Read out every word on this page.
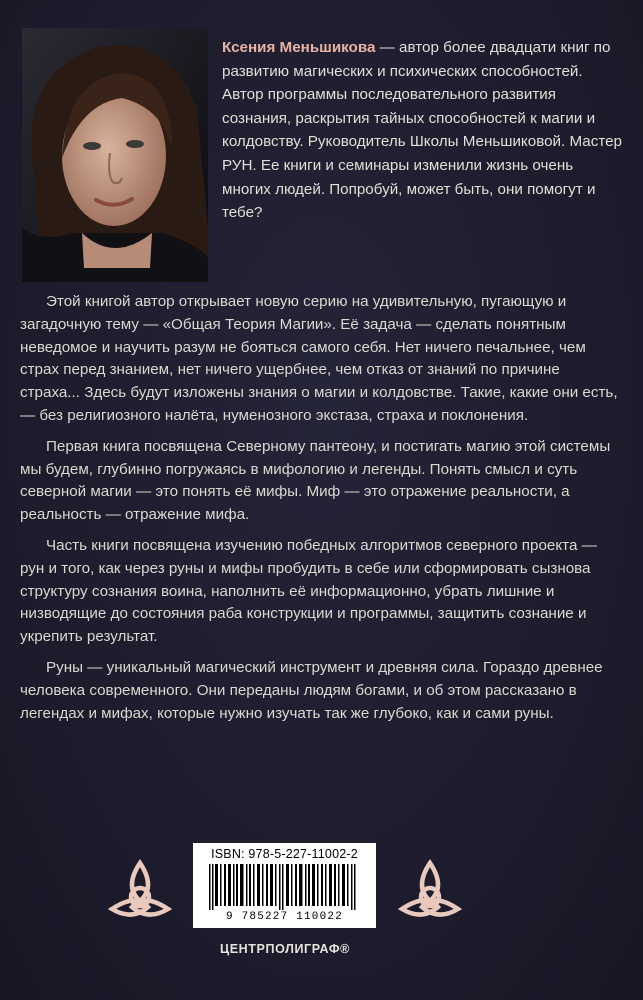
Ксения Меньшикова — автор более двадцати книг по развитию магических и психических способностей. Автор программы последовательного развития сознания, раскрытия тайных способностей к магии и колдовству. Руководитель Школы Меньшиковой. Мастер РУН. Ее книги и семинары изменили жизнь очень многих людей. Попробуй, может быть, они помогут и тебе?

Этой книгой автор открывает новую серию на удивительную, пугающую и загадочную тему — «Общая Теория Магии». Её задача — сделать понятным неведомое и научить разум не бояться самого себя. Нет ничего печальнее, чем страх перед знанием, нет ничего ущербнее, чем отказ от знаний по причине страха... Здесь будут изложены знания о магии и колдовстве. Такие, какие они есть, — без религиозного налёта, нуменозного экстаза, страха и поклонения.

Первая книга посвящена Северному пантеону, и постигать магию этой системы мы будем, глубинно погружаясь в мифологию и легенды. Понять смысл и суть северной магии — это понять её мифы. Миф — это отражение реальности, а реальность — отражение мифа.

Часть книги посвящена изучению победных алгоритмов северного проекта — рун и того, как через руны и мифы пробудить в себе или сформировать сызнова структуру сознания воина, наполнить её информационно, убрать лишние и низводящие до состояния раба конструкции и программы, защитить сознание и укрепить результат.

Руны — уникальный магический инструмент и древняя сила. Гораздо древнее человека современного. Они переданы людям богами, и об этом рассказано в легендах и мифах, которые нужно изучать так же глубоко, как и сами руны.

ISBN: 978-5-227-11002-2
9 785227 110022
ЦЕНТРПОЛИГРАФ®
